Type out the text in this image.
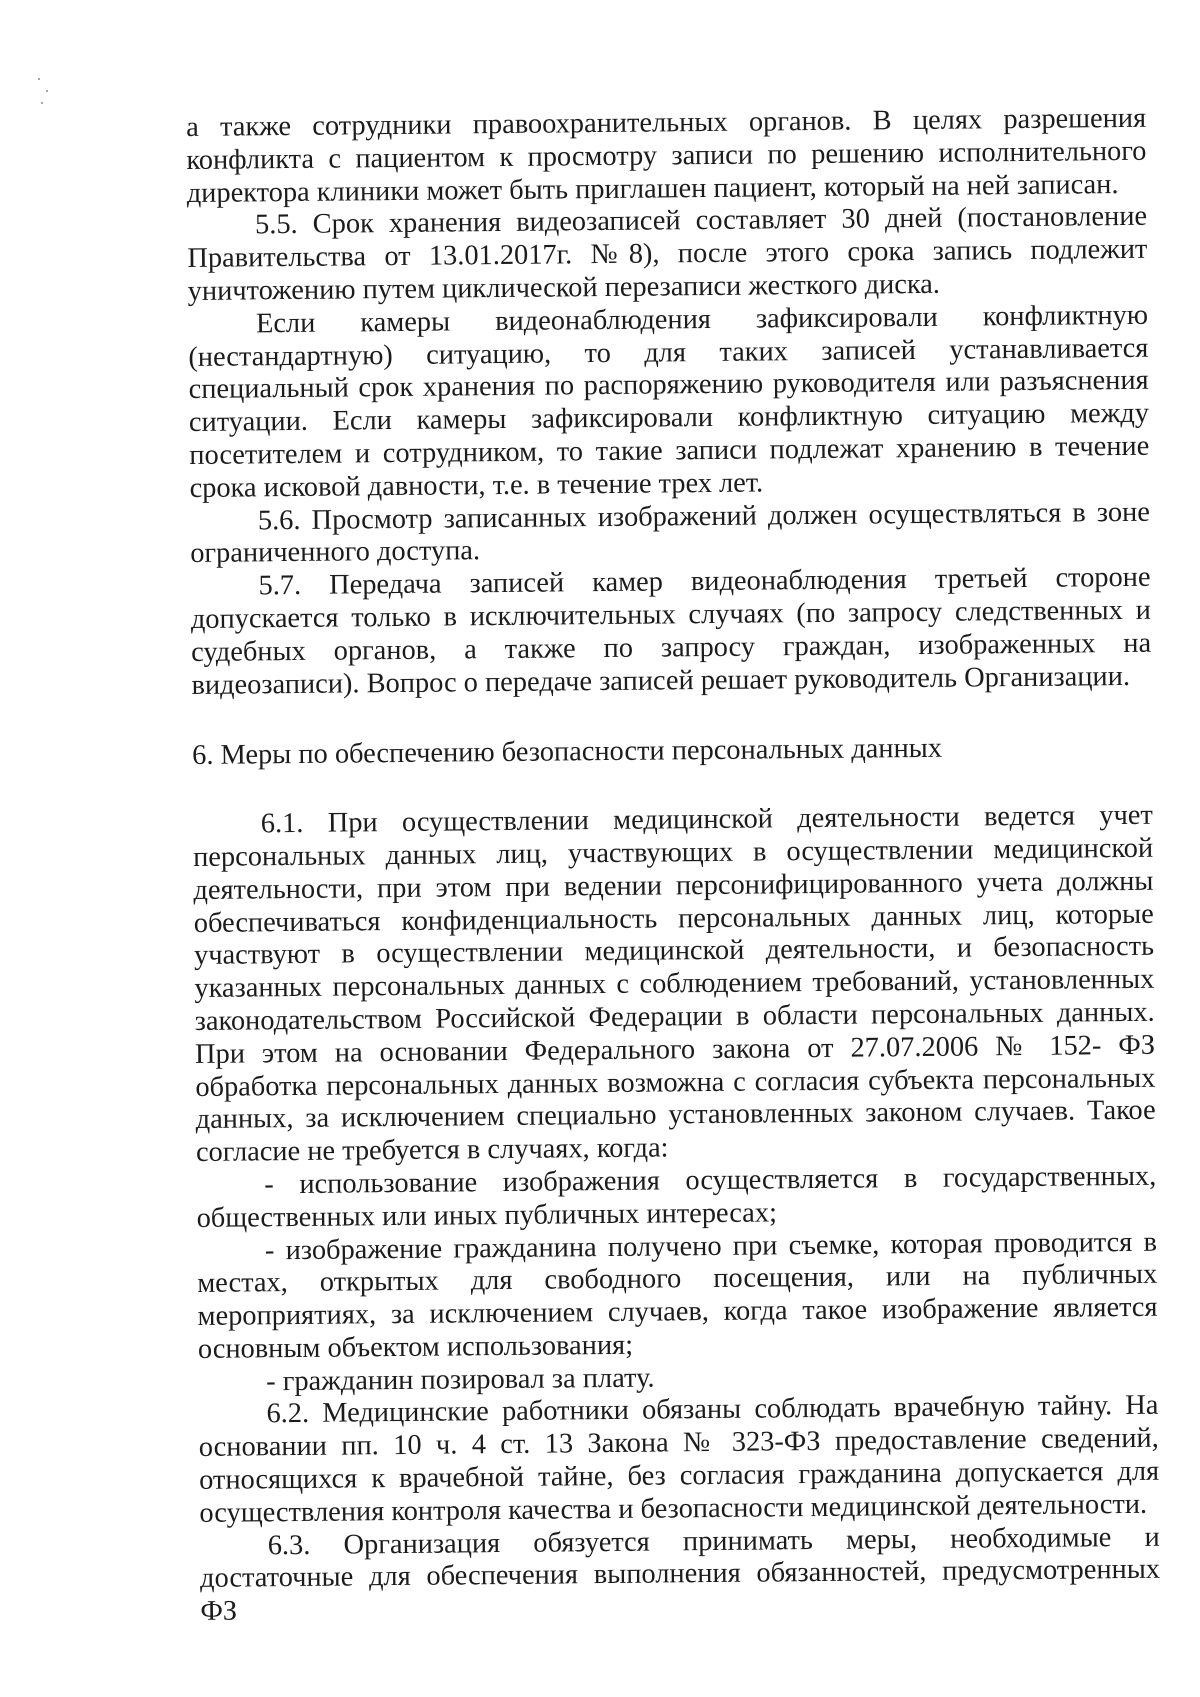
а также сотрудники правоохранительных органов. В целях разрешения конфликта с пациентом к просмотру записи по решению исполнительного директора клиники может быть приглашен пациент, который на ней записан.

5.5. Срок хранения видеозаписей составляет 30 дней (постановление Правительства от 13.01.2017г. №8), после этого срока запись подлежит уничтожению путем циклической перезаписи жесткого диска.

Если камеры видеонаблюдения зафиксировали конфликтную (нестандартную) ситуацию, то для таких записей устанавливается специальный срок хранения по распоряжению руководителя или разъяснения ситуации. Если камеры зафиксировали конфликтную ситуацию между посетителем и сотрудником, то такие записи подлежат хранению в течение срока исковой давности, т.е. в течение трех лет.

5.6. Просмотр записанных изображений должен осуществляться в зоне ограниченного доступа.

5.7. Передача записей камер видеонаблюдения третьей стороне допускается только в исключительных случаях (по запросу следственных и судебных органов, а также по запросу граждан, изображенных на видеозаписи). Вопрос о передаче записей решает руководитель Организации.

6. Меры по обеспечению безопасности персональных данных

6.1. При осуществлении медицинской деятельности ведется учет персональных данных лиц, участвующих в осуществлении медицинской деятельности, при этом при ведении персонифицированного учета должны обеспечиваться конфиденциальность персональных данных лиц, которые участвуют в осуществлении медицинской деятельности, и безопасность указанных персональных данных с соблюдением требований, установленных законодательством Российской Федерации в области персональных данных. При этом на основании Федерального закона от 27.07.2006 № 152- ФЗ обработка персональных данных возможна с согласия субъекта персональных данных, за исключением специально установленных законом случаев. Такое согласие не требуется в случаях, когда:

- использование изображения осуществляется в государственных, общественных или иных публичных интересах;

- изображение гражданина получено при съемке, которая проводится в местах, открытых для свободного посещения, или на публичных мероприятиях, за исключением случаев, когда такое изображение является основным объектом использования;

- гражданин позировал за плату.

6.2. Медицинские работники обязаны соблюдать врачебную тайну. На основании пп. 10 ч. 4 ст. 13 Закона № 323-ФЗ предоставление сведений, относящихся к врачебной тайне, без согласия гражданина допускается для осуществления контроля качества и безопасности медицинской деятельности.

6.3. Организация обязуется принимать меры, необходимые и достаточные для обеспечения выполнения обязанностей, предусмотренных ФЗ
